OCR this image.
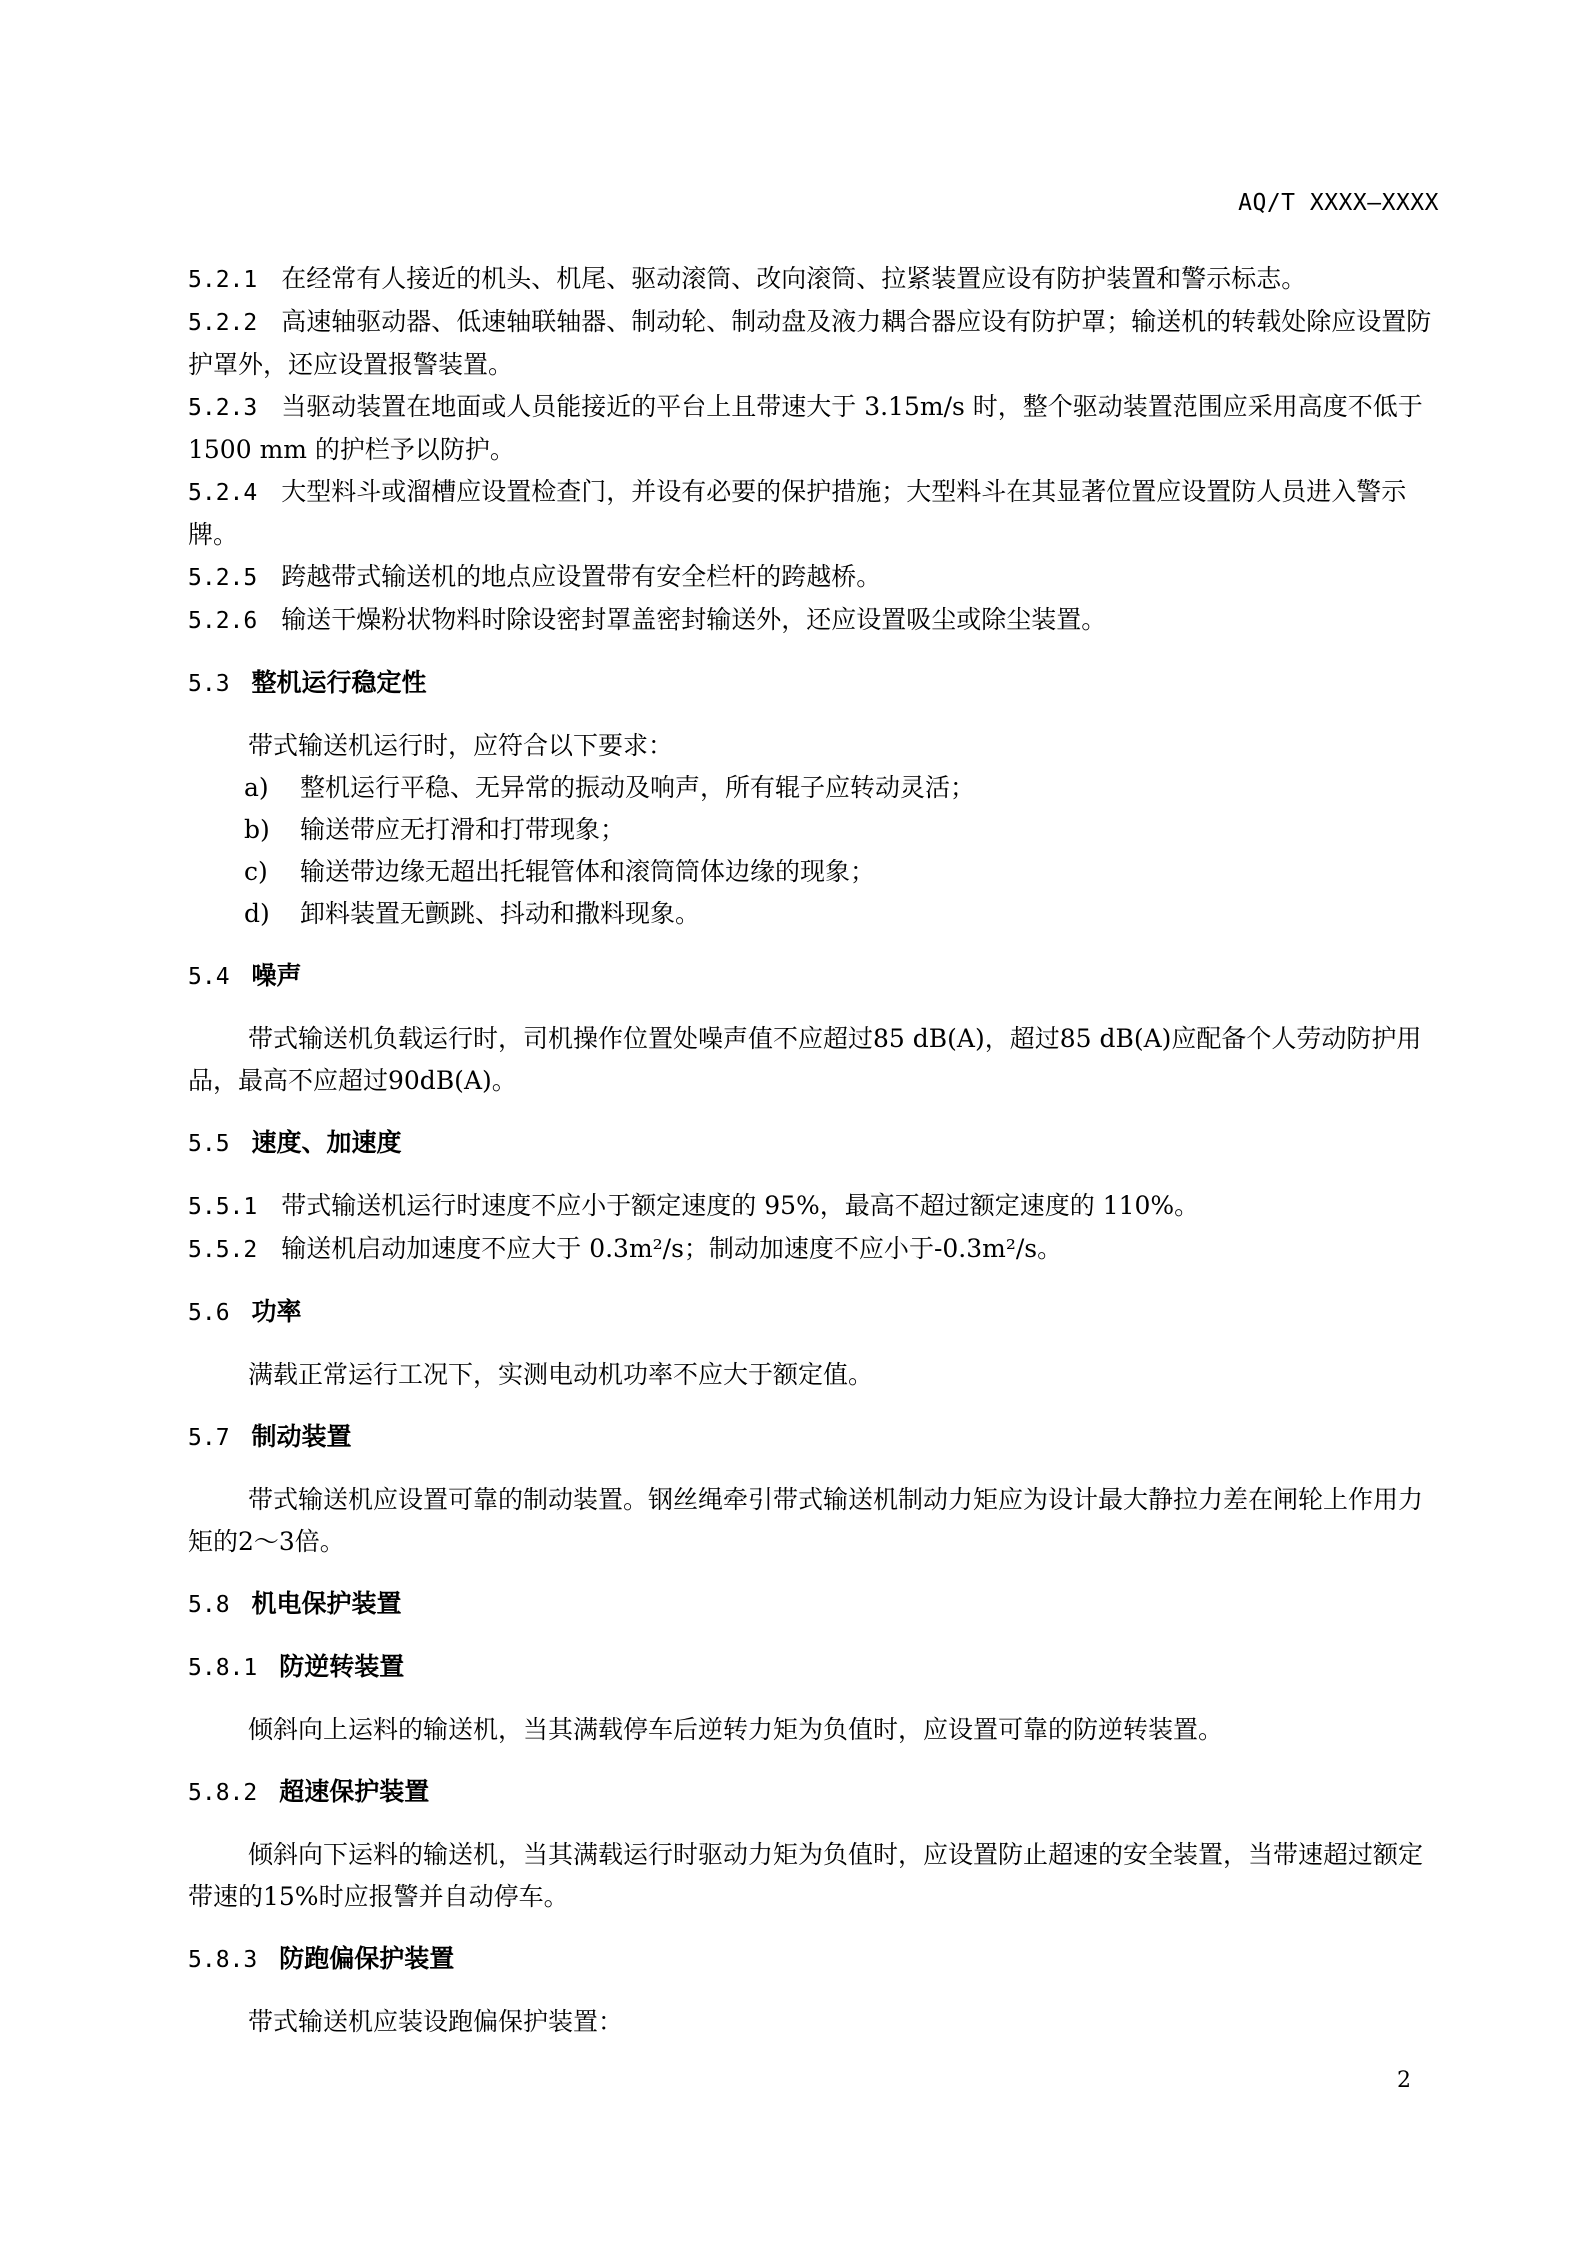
AQ/T XXXX—XXXX

5.2.1 在经常有人接近的机头、机尾、驱动滚筒、改向滚筒、拉紧装置应设有防护装置和警示标志。

5.2.2 高速轴驱动器、低速轴联轴器、制动轮、制动盘及液力耦合器应设有防护罩；输送机的转载处除应设置防护罩外，还应设置报警装置。

5.2.3 当驱动装置在地面或人员能接近的平台上且带速大于 3.15m/s 时，整个驱动装置范围应采用高度不低于 1500 mm 的护栏予以防护。

5.2.4 大型料斗或溜槽应设置检查门，并设有必要的保护措施；大型料斗在其显著位置应设置防人员进入警示牌。

5.2.5 跨越带式输送机的地点应设置带有安全栏杆的跨越桥。

5.2.6 输送干燥粉状物料时除设密封罩盖密封输送外，还应设置吸尘或除尘装置。

5.3 整机运行稳定性

带式输送机运行时，应符合以下要求：

a) 整机运行平稳、无异常的振动及响声，所有辊子应转动灵活；

b) 输送带应无打滑和打带现象；

c) 输送带边缘无超出托辊管体和滚筒筒体边缘的现象；

d) 卸料装置无颤跳、抖动和撒料现象。

5.4 噪声

带式输送机负载运行时，司机操作位置处噪声值不应超过85 dB(A)，超过85 dB(A)应配备个人劳动防护用品，最高不应超过90dB(A)。

5.5 速度、加速度

5.5.1 带式输送机运行时速度不应小于额定速度的 95%，最高不超过额定速度的 110%。

5.5.2 输送机启动加速度不应大于 0.3m²/s；制动加速度不应小于-0.3m²/s。

5.6 功率

满载正常运行工况下，实测电动机功率不应大于额定值。

5.7 制动装置

带式输送机应设置可靠的制动装置。钢丝绳牵引带式输送机制动力矩应为设计最大静拉力差在闸轮上作用力矩的2～3倍。

5.8 机电保护装置
5.8.1 防逆转装置

倾斜向上运料的输送机，当其满载停车后逆转力矩为负值时，应设置可靠的防逆转装置。

5.8.2 超速保护装置

倾斜向下运料的输送机，当其满载运行时驱动力矩为负值时，应设置防止超速的安全装置，当带速超过额定带速的15%时应报警并自动停车。

5.8.3 防跑偏保护装置

带式输送机应装设跑偏保护装置：

2
